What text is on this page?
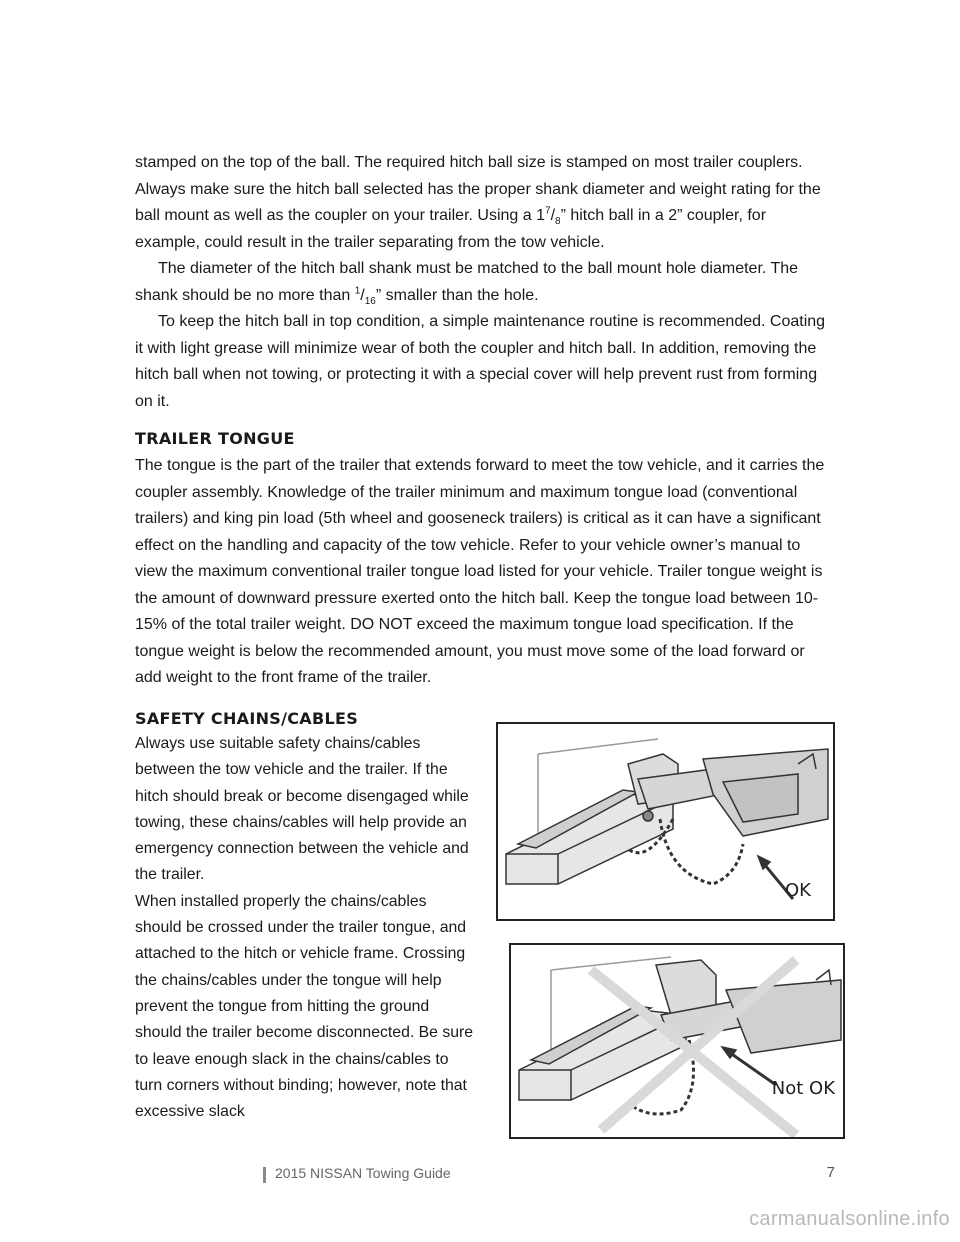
stamped on the top of the ball. The required hitch ball size is stamped on most trailer couplers. Always make sure the hitch ball selected has the proper shank diameter and weight rating for the ball mount as well as the coupler on your trailer. Using a $1^7/_8$” hitch ball in a 2” coupler, for example, could result in the trailer separating from the tow vehicle.

The diameter of the hitch ball shank must be matched to the ball mount hole diameter. The shank should be no more than $^1/_{16}$” smaller than the hole.

To keep the hitch ball in top condition, a simple maintenance routine is recommended. Coating it with light grease will minimize wear of both the coupler and hitch ball. In addition, removing the hitch ball when not towing, or protecting it with a special cover will help prevent rust from forming on it.

TRAILER TONGUE

The tongue is the part of the trailer that extends forward to meet the tow vehicle, and it carries the coupler assembly. Knowledge of the trailer minimum and maximum tongue load (conventional trailers) and king pin load (5th wheel and gooseneck trailers) is critical as it can have a significant effect on the handling and capacity of the tow vehicle. Refer to your vehicle owner’s manual to view the maximum conventional trailer tongue load listed for your vehicle. Trailer tongue weight is the amount of downward pressure exerted onto the hitch ball. Keep the tongue load between 10-15% of the total trailer weight. DO NOT exceed the maximum tongue load specification. If the tongue weight is below the recommended amount, you must move some of the load forward or add weight to the front frame of the trailer.

SAFETY CHAINS/CABLES

Always use suitable safety chains/cables between the tow vehicle and the trailer. If the hitch should break or become disengaged while towing, these chains/cables will help provide an emergency connection between the vehicle and the trailer.

When installed properly the chains/cables should be crossed under the trailer tongue, and attached to the hitch or vehicle frame. Crossing the chains/cables under the tongue will help prevent the tongue from hitting the ground should the trailer become disconnected. Be sure to leave enough slack in the chains/cables to turn corners without binding; however, note that excessive slack

OK
Not OK
2015 NISSAN Towing Guide	7
carmanualsonline.info
